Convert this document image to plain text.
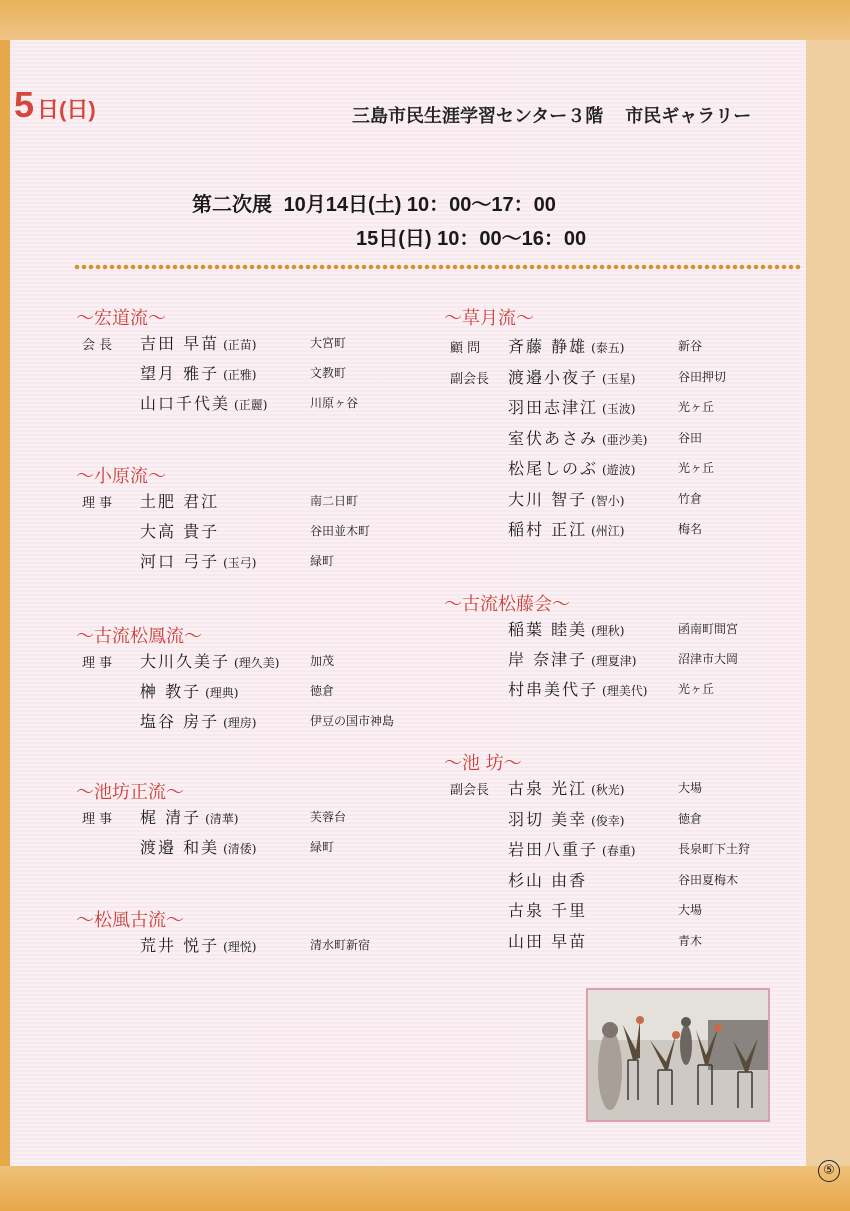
5 日(日)	三島市民生涯学習センター３階 市民ギャラリー
第二次展 10月14日(土) 10：00～17：00
15日(日) 10：00～16：00
～宏道流～
会 長 吉田 早苗 (正苗)	大宮町
望月 雅子 (正雅)	文教町
山口千代美 (正麗)	川原ヶ谷
～小原流～
理 事 土肥 君江	南二日町
大高 貴子	谷田並木町
河口 弓子 (玉弓)	緑町
～古流松鳳流～
理 事 大川久美子 (理久美)	加茂
榊 教子 (理典)	徳倉
塩谷 房子 (理房)	伊豆の国市神島
～池坊正流～
理 事 梶 清子 (清華)	芙蓉台
渡邉 和美 (清倭)	緑町
～松風古流～
荒井 悦子 (理悦)	清水町新宿
～草月流～
顧 問 斉藤 静雄 (泰五)	新谷
副会長 渡邉小夜子 (玉星)	谷田押切
羽田志津江 (玉波)	光ヶ丘
室伏あさみ (亜沙美)	谷田
松尾しのぶ (遊波)	光ヶ丘
大川 智子 (智小)	竹倉
稲村 正江 (州江)	梅名
～古流松藤会～
稲葉 睦美 (理秋)	函南町間宮
岸 奈津子 (理夏津)	沼津市大岡
村串美代子 (理美代)	光ヶ丘
～池 坊～
副会長 古泉 光江 (秋光)	大場
羽切 美幸 (俊幸)	徳倉
岩田八重子 (春重)	長泉町下土狩
杉山 由香	谷田夏梅木
古泉 千里	大場
山田 早苗	青木
⑤
